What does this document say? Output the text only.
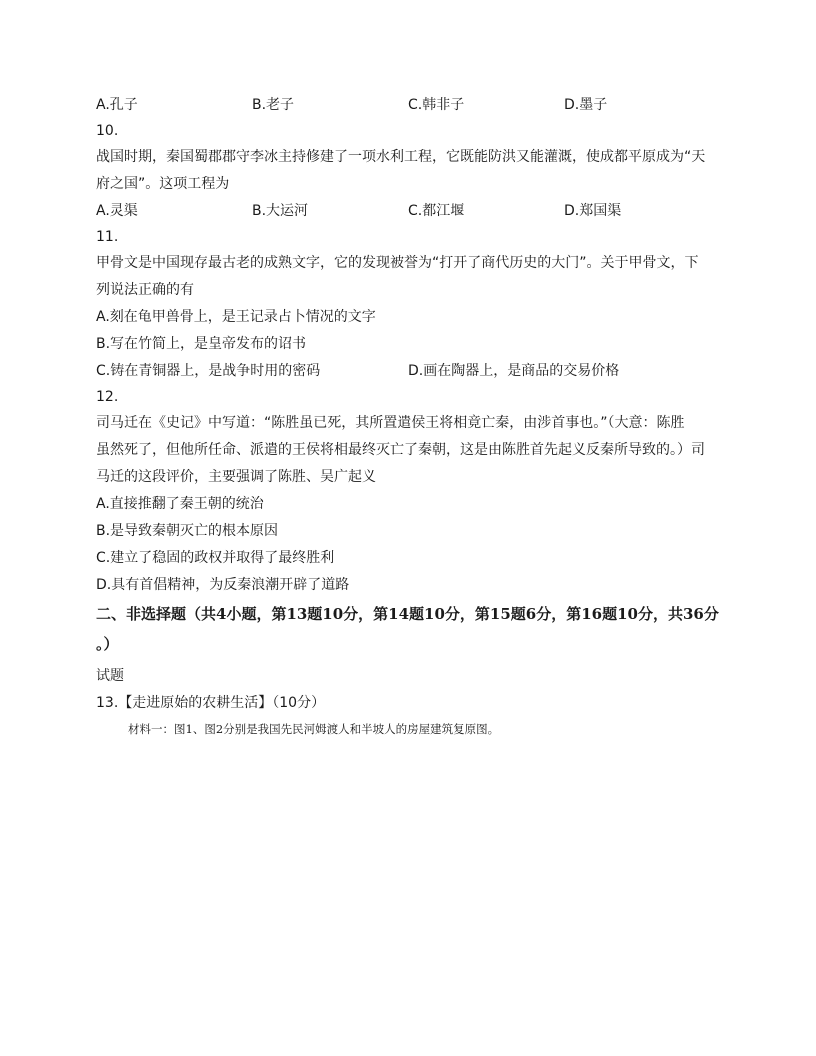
A.孔子	B.老子	C.韩非子	D.墨子
10.
战国时期，秦国蜀郡郡守李冰主持修建了一项水利工程，它既能防洪又能灌溉，使成都平原成为“天
府之国”。这项工程为
A.灵渠	B.大运河	C.都江堰	D.郑国渠
11.
甲骨文是中国现存最古老的成熟文字，它的发现被誉为“打开了商代历史的大门”。关于甲骨文，下
列说法正确的有
A.刻在龟甲兽骨上，是王记录占卜情况的文字
B.写在竹简上，是皇帝发布的诏书
C.铸在青铜器上，是战争时用的密码	D.画在陶器上，是商品的交易价格
12.
司马迁在《史记》中写道：“陈胜虽已死，其所置遣侯王将相竟亡秦，由涉首事也。”（大意：陈胜
虽然死了，但他所任命、派遣的王侯将相最终灭亡了秦朝，这是由陈胜首先起义反秦所导致的。）司
马迁的这段评价，主要强调了陈胜、吴广起义
A.直接推翻了秦王朝的统治
B.是导致秦朝灭亡的根本原因
C.建立了稳固的政权并取得了最终胜利
D.具有首倡精神，为反秦浪潮开辟了道路
二、非选择题（共4小题，第13题10分，第14题10分，第15题6分，第16题10分，共36分
。）
试题
13.【走进原始的农耕生活】（10分）
材料一：图1、图2分别是我国先民河姆渡人和半坡人的房屋建筑复原图。
